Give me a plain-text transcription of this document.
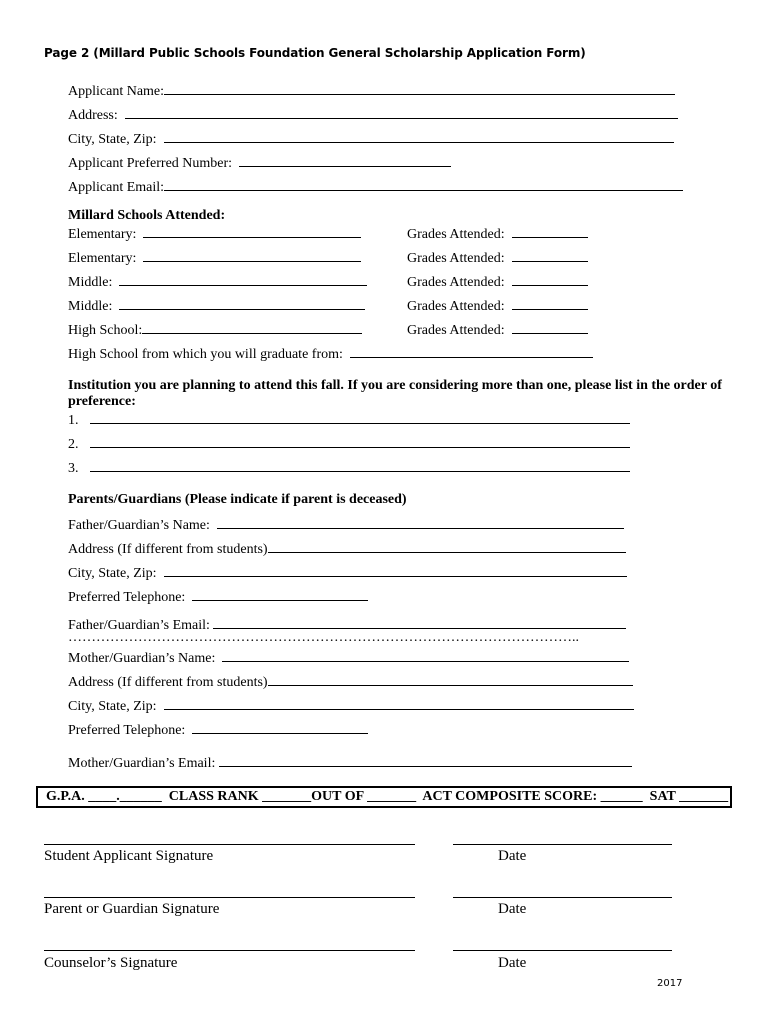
Page 2 (Millard Public Schools Foundation General Scholarship Application Form)
Applicant Name:
Address:
City, State, Zip:
Applicant Preferred Number:
Applicant Email:
Millard Schools Attended:
Elementary:	Grades Attended:
Elementary:	Grades Attended:
Middle:	Grades Attended:
Middle:	Grades Attended:
High School:	Grades Attended:
High School from which you will graduate from:
Institution you are planning to attend this fall. If you are considering more than one, please list in the order of
preference:
1.
2.
3.
Parents/Guardians (Please indicate if parent is deceased)
Father/Guardian’s Name:
Address (If different from students)
City, State, Zip:
Preferred Telephone:
Father/Guardian’s Email:
………………………………………………………………………………………………..
Mother/Guardian’s Name:
Address (If different from students)
City, State, Zip:
Preferred Telephone:
Mother/Guardian’s Email:
G.P.A. ____.______ CLASS RANK _______OUT OF _______ ACT COMPOSITE SCORE: ______ SAT _______
Student Applicant Signature	Date
Parent or Guardian Signature	Date
Counselor’s Signature	Date
2017
